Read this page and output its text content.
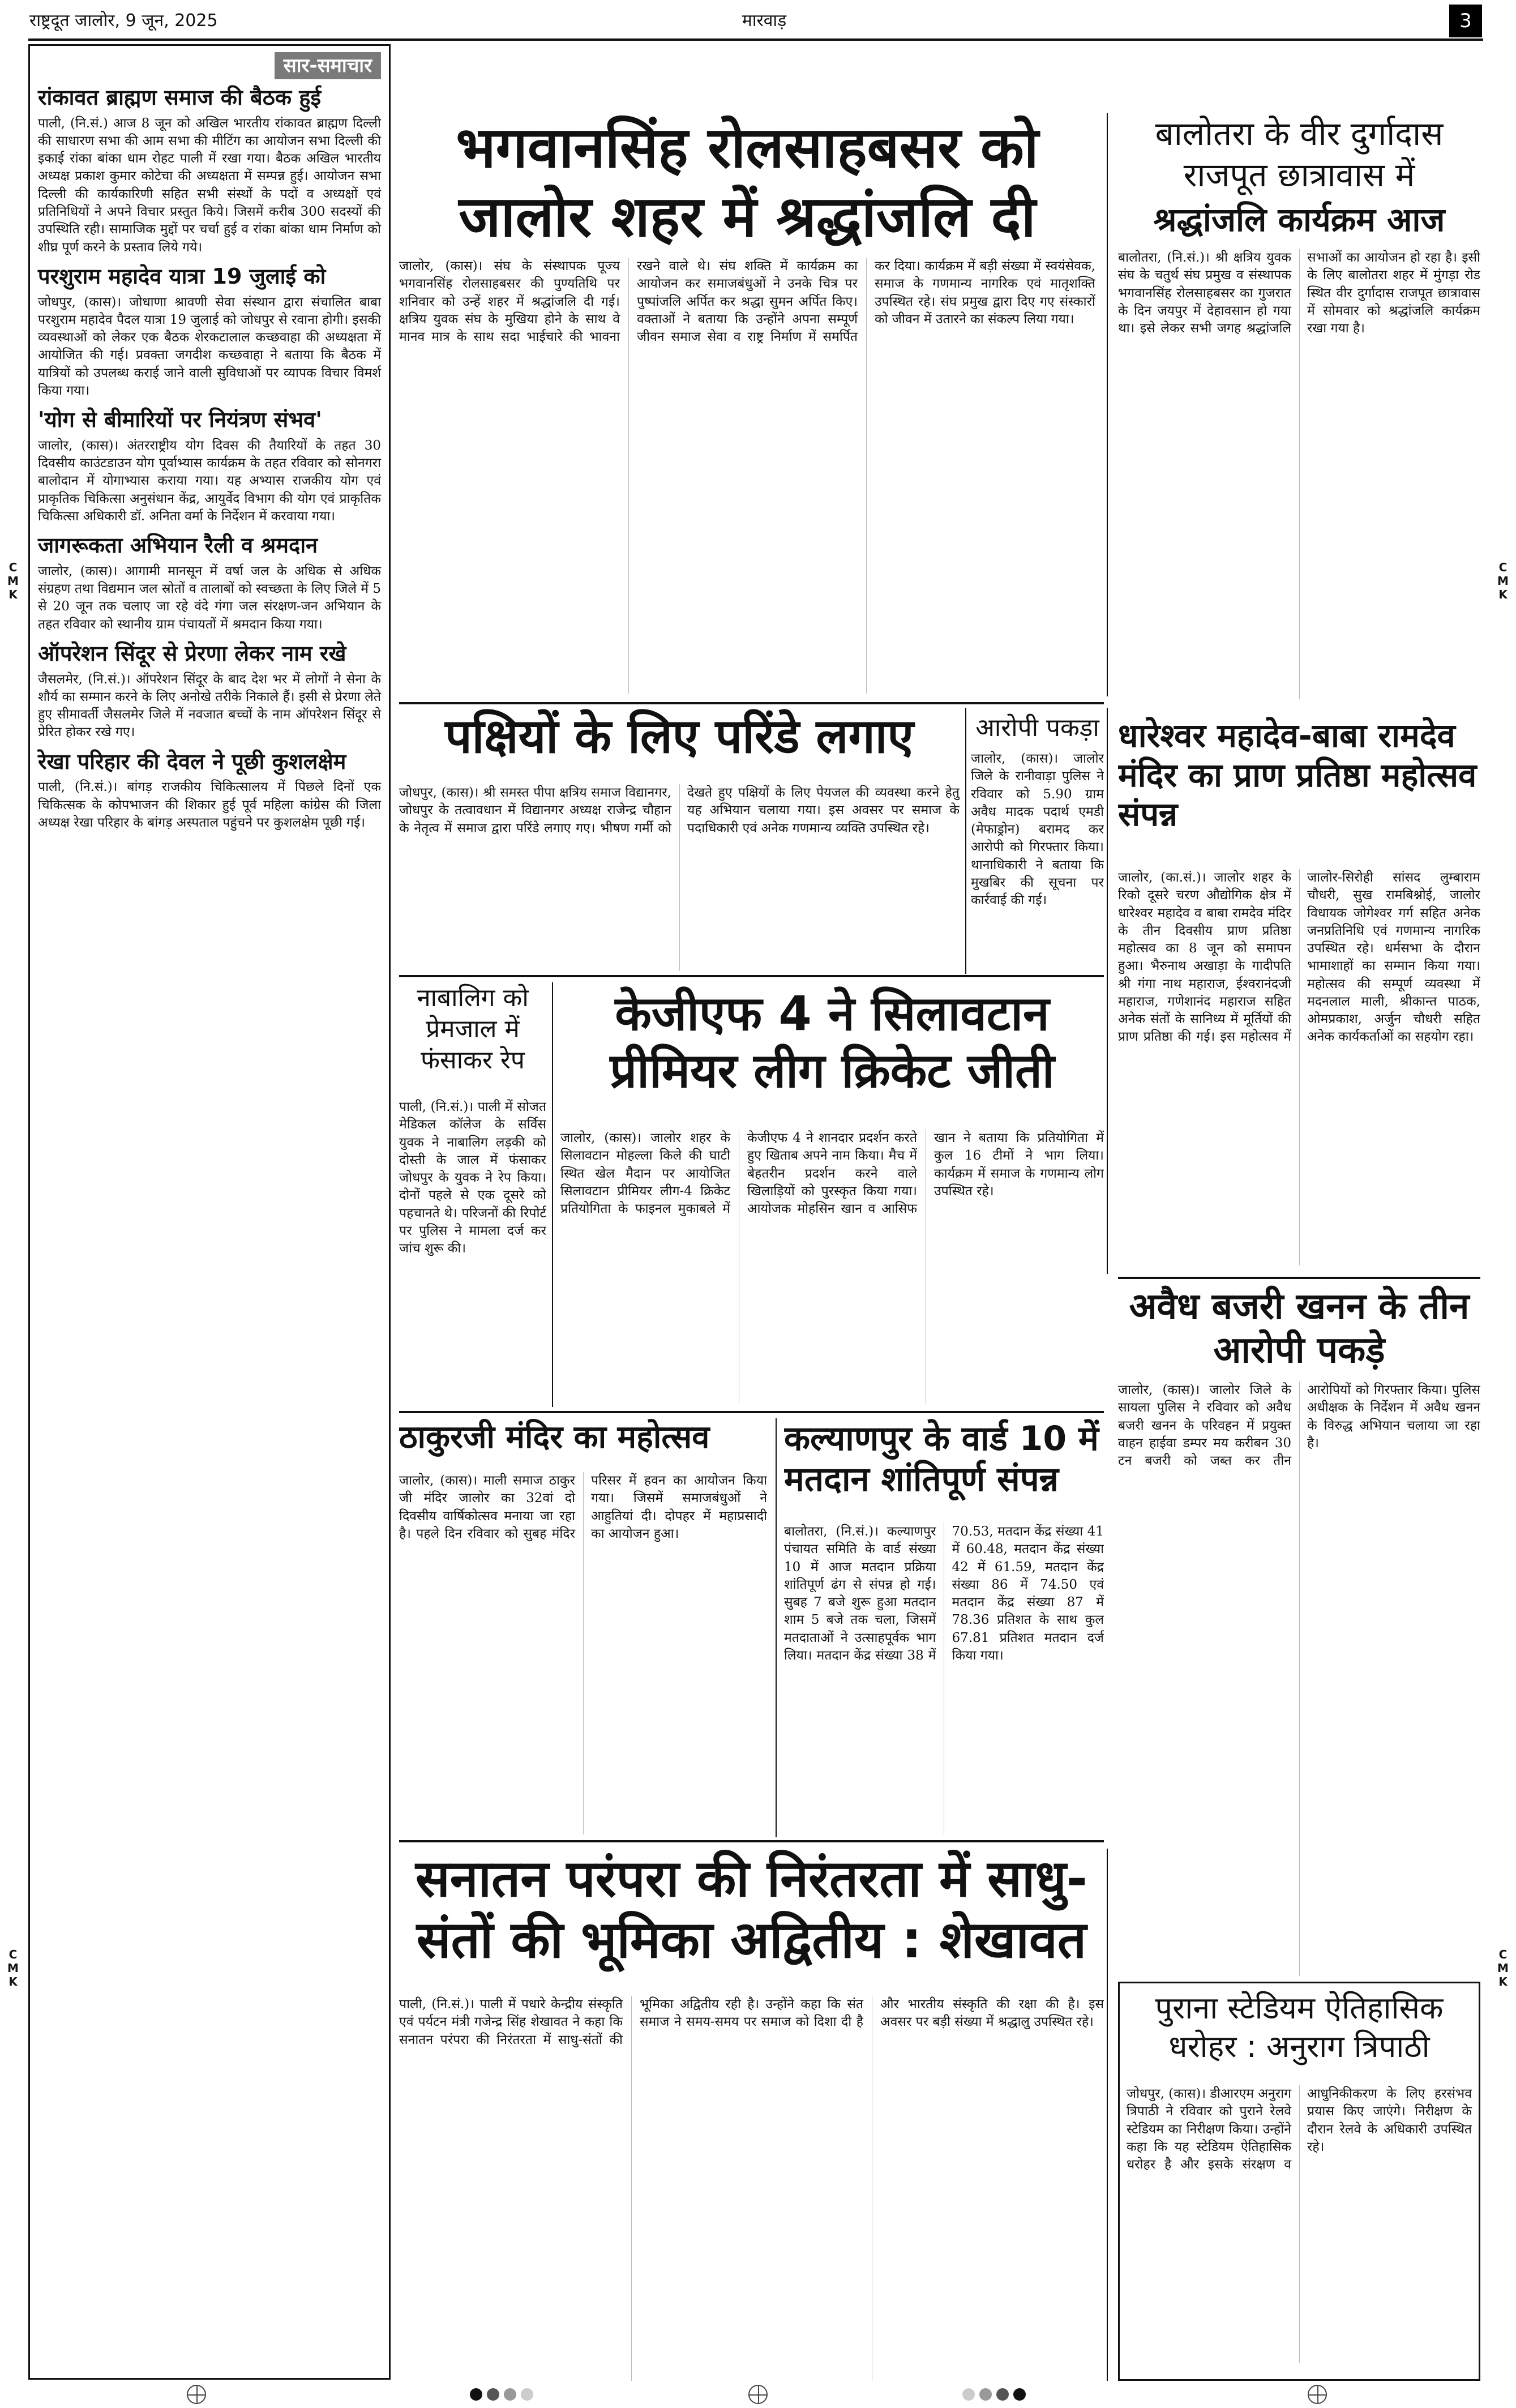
राष्ट्रदूत जालोर, 9 जून, 2025	मारवाड़	3
सार-समाचार
रांकावत ब्राह्मण समाज की बैठक हुई
पाली, (नि.सं.) आज 8 जून को अखिल भारतीय रांकावत ब्राह्मण दिल्ली की साधारण सभा की आम सभा की मीटिंग का आयोजन सभा दिल्ली की इकाई रांका बांका धाम रोहट पाली में रखा गया। बैठक अखिल भारतीय अध्यक्ष प्रकाश कुमार कोटेचा की अध्यक्षता में सम्पन्न हुई। आयोजन सभा दिल्ली की कार्यकारिणी सहित सभी संस्थों के पदों व अध्यक्षों एवं प्रतिनिधियों ने अपने विचार प्रस्तुत किये। जिसमें करीब 300 सदस्यों की उपस्थिति रही। सामाजिक मुद्दों पर चर्चा हुई व रांका बांका धाम निर्माण को शीघ्र पूर्ण करने के प्रस्ताव लिये गये।
परशुराम महादेव यात्रा 19 जुलाई को
जोधपुर, (कास)। जोधाणा श्रावणी सेवा संस्थान द्वारा संचालित बाबा परशुराम महादेव पैदल यात्रा 19 जुलाई को जोधपुर से रवाना होगी। इसकी व्यवस्थाओं को लेकर एक बैठक शेरकटालाल कच्छवाहा की अध्यक्षता में आयोजित की गई। प्रवक्ता जगदीश कच्छवाहा ने बताया कि बैठक में यात्रियों को उपलब्ध कराई जाने वाली सुविधाओं पर व्यापक विचार विमर्श किया गया।
'योग से बीमारियों पर नियंत्रण संभव'
जालोर, (कास)। अंतरराष्ट्रीय योग दिवस की तैयारियों के तहत 30 दिवसीय काउंटडाउन योग पूर्वाभ्यास कार्यक्रम के तहत रविवार को सोनगरा बालोदान में योगाभ्यास कराया गया। यह अभ्यास राजकीय योग एवं प्राकृतिक चिकित्सा अनुसंधान केंद्र, आयुर्वेद विभाग की योग एवं प्राकृतिक चिकित्सा अधिकारी डॉ. अनिता वर्मा के निर्देशन में करवाया गया।
जागरूकता अभियान रैली व श्रमदान
जालोर, (कास)। आगामी मानसून में वर्षा जल के अधिक से अधिक संग्रहण तथा विद्यमान जल स्रोतों व तालाबों को स्वच्छता के लिए जिले में 5 से 20 जून तक चलाए जा रहे वंदे गंगा जल संरक्षण-जन अभियान के तहत रविवार को स्थानीय ग्राम पंचायतों में श्रमदान किया गया।
ऑपरेशन सिंदूर से प्रेरणा लेकर नाम रखे
जैसलमेर, (नि.सं.)। ऑपरेशन सिंदूर के बाद देश भर में लोगों ने सेना के शौर्य का सम्मान करने के लिए अनोखे तरीके निकाले हैं। इसी से प्रेरणा लेते हुए सीमावर्ती जैसलमेर जिले में नवजात बच्चों के नाम ऑपरेशन सिंदूर से प्रेरित होकर रखे गए।
रेखा परिहार की देवल ने पूछी कुशलक्षेम
पाली, (नि.सं.)। बांगड़ राजकीय चिकित्सालय में पिछले दिनों एक चिकित्सक के कोपभाजन की शिकार हुई पूर्व महिला कांग्रेस की जिला अध्यक्ष रेखा परिहार के बांगड़ अस्पताल पहुंचने पर कुशलक्षेम पूछी गई।
भगवानसिंह रोलसाहबसर को जालोर शहर में श्रद्धांजलि दी
जालोर, (कास)। संघ के संस्थापक पूज्य भगवानसिंह रोलसाहबसर की पुण्यतिथि पर शनिवार को उन्हें शहर में श्रद्धांजलि दी गई। क्षत्रिय युवक संघ के मुखिया होने के साथ वे मानव मात्र के साथ सदा भाईचारे की भावना रखने वाले थे। संघ शक्ति में कार्यक्रम का आयोजन कर समाजबंधुओं ने उनके चित्र पर पुष्पांजलि अर्पित कर श्रद्धा सुमन अर्पित किए। वक्ताओं ने बताया कि उन्होंने अपना सम्पूर्ण जीवन समाज सेवा व राष्ट्र निर्माण में समर्पित कर दिया। कार्यक्रम में बड़ी संख्या में स्वयंसेवक, समाज के गणमान्य नागरिक एवं मातृशक्ति उपस्थित रहे। संघ प्रमुख द्वारा दिए गए संस्कारों को जीवन में उतारने का संकल्प लिया गया।
बालोतरा के वीर दुर्गादास राजपूत छात्रावास में
श्रद्धांजलि कार्यक्रम आज
बालोतरा, (नि.सं.)। श्री क्षत्रिय युवक संघ के चतुर्थ संघ प्रमुख व संस्थापक भगवानसिंह रोलसाहबसर का गुजरात के दिन जयपुर में देहावसान हो गया था। इसे लेकर सभी जगह श्रद्धांजलि सभाओं का आयोजन हो रहा है। इसी के लिए बालोतरा शहर में मुंगड़ा रोड स्थित वीर दुर्गादास राजपूत छात्रावास में सोमवार को श्रद्धांजलि कार्यक्रम रखा गया है।
पक्षियों के लिए परिंडे लगाए
जोधपुर, (कास)। श्री समस्त पीपा क्षत्रिय समाज विद्यानगर, जोधपुर के तत्वावधान में विद्यानगर अध्यक्ष राजेन्द्र चौहान के नेतृत्व में समाज द्वारा परिंडे लगाए गए। भीषण गर्मी को देखते हुए पक्षियों के लिए पेयजल की व्यवस्था करने हेतु यह अभियान चलाया गया। इस अवसर पर समाज के पदाधिकारी एवं अनेक गणमान्य व्यक्ति उपस्थित रहे।
आरोपी पकड़ा
जालोर, (कास)। जालोर जिले के रानीवाड़ा पुलिस ने रविवार को 5.90 ग्राम अवैध मादक पदार्थ एमडी (मेफाड्रोन) बरामद कर आरोपी को गिरफ्तार किया। थानाधिकारी ने बताया कि मुखबिर की सूचना पर कार्रवाई की गई।
धारेश्वर महादेव-बाबा रामदेव मंदिर का प्राण प्रतिष्ठा महोत्सव संपन्न
जालोर, (का.सं.)। जालोर शहर के रिको दूसरे चरण औद्योगिक क्षेत्र में धारेश्वर महादेव व बाबा रामदेव मंदिर के तीन दिवसीय प्राण प्रतिष्ठा महोत्सव का 8 जून को समापन हुआ। भैरुनाथ अखाड़ा के गादीपति श्री गंगा नाथ महाराज, ईश्वरानंदजी महाराज, गणेशानंद महाराज सहित अनेक संतों के सानिध्य में मूर्तियों की प्राण प्रतिष्ठा की गई। इस महोत्सव में जालोर-सिरोही सांसद लुम्बाराम चौधरी, सुख रामबिश्नोई, जालोर विधायक जोगेश्वर गर्ग सहित अनेक जनप्रतिनिधि एवं गणमान्य नागरिक उपस्थित रहे। धर्मसभा के दौरान भामाशाहों का सम्मान किया गया। महोत्सव की सम्पूर्ण व्यवस्था में मदनलाल माली, श्रीकान्त पाठक, ओमप्रकाश, अर्जुन चौधरी सहित अनेक कार्यकर्ताओं का सहयोग रहा।
नाबालिग को प्रेमजाल में फंसाकर रेप
पाली, (नि.सं.)। पाली में सोजत मेडिकल कॉलेज के सर्विस युवक ने नाबालिग लड़की को दोस्ती के जाल में फंसाकर जोधपुर के युवक ने रेप किया। दोनों पहले से एक दूसरे को पहचानते थे। परिजनों की रिपोर्ट पर पुलिस ने मामला दर्ज कर जांच शुरू की।
केजीएफ 4 ने सिलावटान प्रीमियर लीग क्रिकेट जीती
जालोर, (कास)। जालोर शहर के सिलावटान मोहल्ला किले की घाटी स्थित खेल मैदान पर आयोजित सिलावटान प्रीमियर लीग-4 क्रिकेट प्रतियोगिता के फाइनल मुकाबले में केजीएफ 4 ने शानदार प्रदर्शन करते हुए खिताब अपने नाम किया। मैच में बेहतरीन प्रदर्शन करने वाले खिलाड़ियों को पुरस्कृत किया गया। आयोजक मोहसिन खान व आसिफ खान ने बताया कि प्रतियोगिता में कुल 16 टीमों ने भाग लिया। कार्यक्रम में समाज के गणमान्य लोग उपस्थित रहे।
अवैध बजरी खनन के तीन आरोपी पकड़े
जालोर, (कास)। जालोर जिले के सायला पुलिस ने रविवार को अवैध बजरी खनन के परिवहन में प्रयुक्त वाहन हाईवा डम्पर मय करीबन 30 टन बजरी को जब्त कर तीन आरोपियों को गिरफ्तार किया। पुलिस अधीक्षक के निर्देशन में अवैध खनन के विरुद्ध अभियान चलाया जा रहा है।
ठाकुरजी मंदिर का महोत्सव
जालोर, (कास)। माली समाज ठाकुर जी मंदिर जालोर का 32वां दो दिवसीय वार्षिकोत्सव मनाया जा रहा है। पहले दिन रविवार को सुबह मंदिर परिसर में हवन का आयोजन किया गया। जिसमें समाजबंधुओं ने आहुतियां दी। दोपहर में महाप्रसादी का आयोजन हुआ।
कल्याणपुर के वार्ड 10 में मतदान शांतिपूर्ण संपन्न
बालोतरा, (नि.सं.)। कल्याणपुर पंचायत समिति के वार्ड संख्या 10 में आज मतदान प्रक्रिया शांतिपूर्ण ढंग से संपन्न हो गई। सुबह 7 बजे शुरू हुआ मतदान शाम 5 बजे तक चला, जिसमें मतदाताओं ने उत्साहपूर्वक भाग लिया। मतदान केंद्र संख्या 38 में 70.53, मतदान केंद्र संख्या 41 में 60.48, मतदान केंद्र संख्या 42 में 61.59, मतदान केंद्र संख्या 86 में 74.50 एवं मतदान केंद्र संख्या 87 में 78.36 प्रतिशत के साथ कुल 67.81 प्रतिशत मतदान दर्ज किया गया।
सनातन परंपरा की निरंतरता में साधु-संतों की भूमिका अद्वितीय : शेखावत
पाली, (नि.सं.)। पाली में पधारे केन्द्रीय संस्कृति एवं पर्यटन मंत्री गजेन्द्र सिंह शेखावत ने कहा कि सनातन परंपरा की निरंतरता में साधु-संतों की भूमिका अद्वितीय रही है। उन्होंने कहा कि संत समाज ने समय-समय पर समाज को दिशा दी है और भारतीय संस्कृति की रक्षा की है। इस अवसर पर बड़ी संख्या में श्रद्धालु उपस्थित रहे।	पुराना स्टेडियम ऐतिहासिक धरोहर : अनुराग त्रिपाठी
जोधपुर, (कास)। डीआरएम अनुराग त्रिपाठी ने रविवार को पुराने रेलवे स्टेडियम का निरीक्षण किया। उन्होंने कहा कि यह स्टेडियम ऐतिहासिक धरोहर है और इसके संरक्षण व आधुनिकीकरण के लिए हरसंभव प्रयास किए जाएंगे। निरीक्षण के दौरान रेलवे के अधिकारी उपस्थित रहे।
C
M
K
C
M
K
C
M
K
C
M
K
